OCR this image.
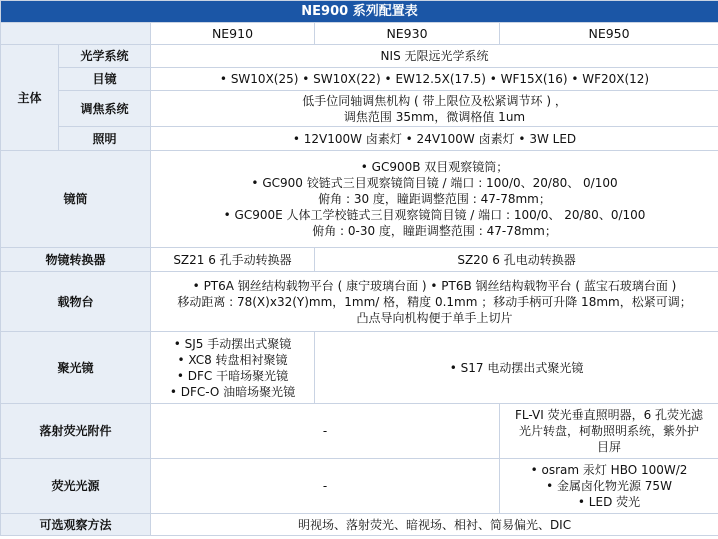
NE900 系列配置表				
		NE910	NE930	NE950
主体	光学系统	NIS 无限远光学系统		
	目镜	• SW10X(25) • SW10X(22) • EW12.5X(17.5) • WF15X(16) • WF20X(12)		
	调焦系统	低手位同轴调焦机构 ( 带上限位及松紧调节环 ) ，
调焦范围 35mm，微调格值 1um		

	照明	• 12V100W 卤素灯 • 24V100W 卤素灯 • 3W LED		
镜筒		• GC900B 双目观察镜筒；
• GC900 铰链式三目观察镜筒目镜 / 端口 : 100/0、20/80、 0/100
俯角 : 30 度，瞳距调整范围 : 47-78mm；
• GC900E 人体工学校链式三目观察镜筒目镜 / 端口 : 100/0、 20/80、0/100
俯角 : 0-30 度，瞳距调整范围 : 47-78mm；		

物镜转换器		SZ21 6 孔手动转换器	SZ20 6 孔电动转换器	
载物台		• PT6A 钢丝结构载物平台 ( 康宁玻璃台面 ) • PT6B 钢丝结构载物平台 ( 蓝宝石玻璃台面 )
移动距离 : 78(X)x32(Y)mm，1mm/ 格，精度 0.1mm ；移动手柄可升降 18mm，松紧可调；
凸点导向机构便于单手上切片		

聚光镜		• SJ5 手动摆出式聚镜
• XC8 转盘相衬聚镜
• DFC 干暗场聚光镜
• DFC-O 油暗场聚光镜	• S17 电动摆出式聚光镜	
落射荧光附件		-		FL-VI 荧光垂直照明器，6 孔荧光滤
光片转盘，柯勒照明系统，紫外护
目屏

荧光光源		-		• osram 汞灯 HBO 100W/2
• 金属卤化物光源 75W
• LED 荧光

可选观察方法		明视场、落射荧光、暗视场、相衬、简易偏光、DIC		
